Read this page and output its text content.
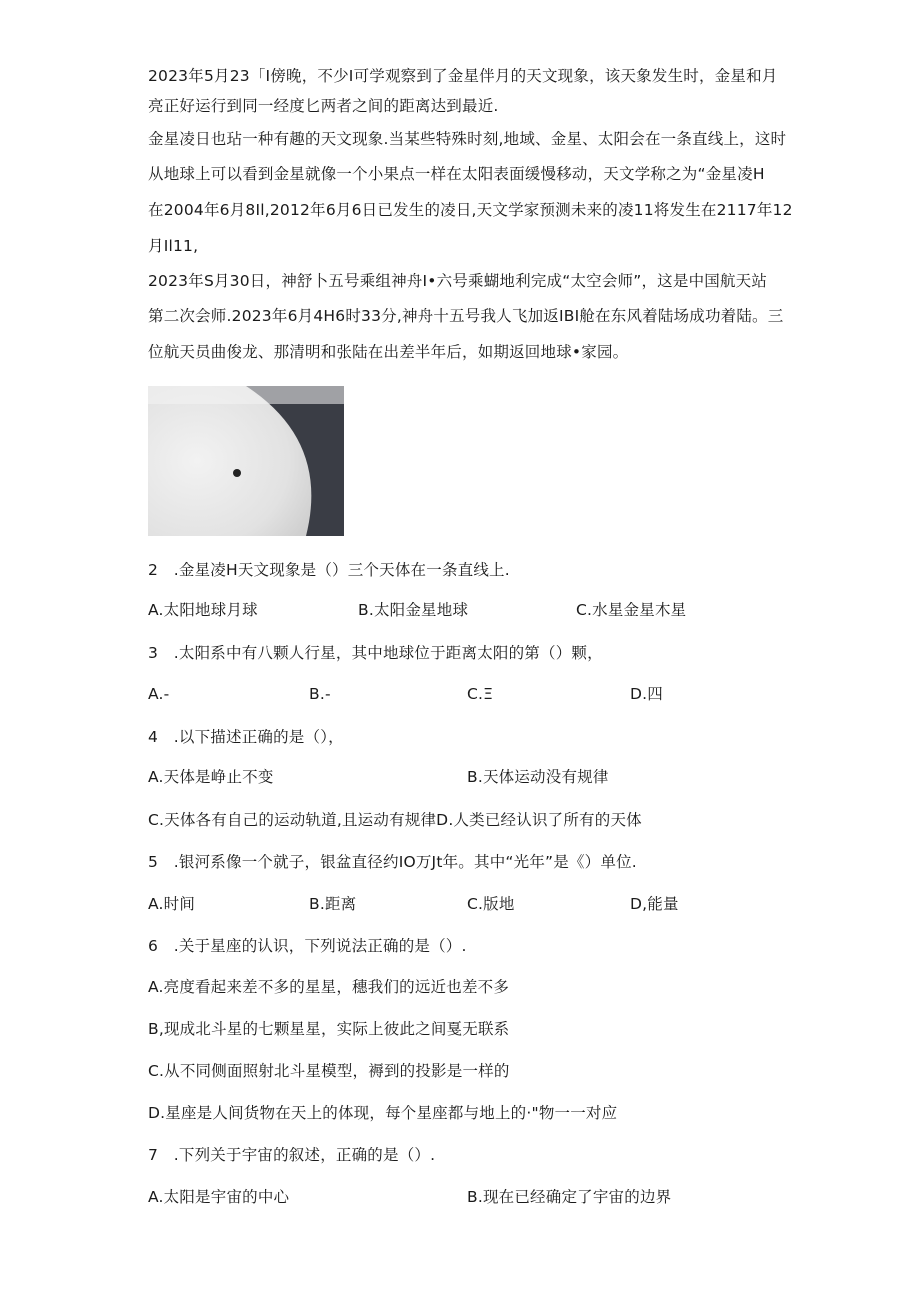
2023年5月23「I傍晚，不少I可学观察到了金星伴月的天文现象，该天象发生时，金星和月
亮正好运行到同一经度匕两者之间的距离达到最近.
金星凌日也玷一种有趣的天文现象.当某些特殊时刻,地域、金星、太阳会在一条直线上，这时
从地球上可以看到金星就像一个小果点一样在太阳表面缓慢移动，天文学称之为“金星凌H
在2004年6月8Il,2012年6月6日已发生的凌日,天文学家预测未来的凌11将发生在2117年12
月Il11,
2023年S月30日，神舒卜五号乘组神舟I•六号乘蝴地利完成“太空会师”，这是中国航天站
第二次会师.2023年6月4H6时33分,神舟十五号我人飞加返IBI舱在东风着陆场成功着陆。三
位航天员曲俊龙、那清明和张陆在出差半年后，如期返回地球•家园。
2　.金星凌H天文现象是（）三个天体在一条直线上.
A.太阳地球月球	B.太阳金星地球	C.水星金星木星
3　.太阳系中有八颗人行星，其中地球位于距离太阳的第（）颗，
A.-	B.-	C.Ξ	D.四
4　.以下描述正确的是（），
A.天体是峥止不变	B.天体运动没有规律
C.天体各有自己的运动轨道,且运动有规律D.人类已经认识了所有的天体
5　.银河系像一个就子，银盆直径约IO万Jt年。其中“光年”是《）单位.
A.时间	B.距离	C.版地	D,能量
6　.关于星座的认识，下列说法正确的是（）.
A.亮度看起来差不多的星星，穗我们的远近也差不多
B,现成北斗星的七颗星星，实际上彼此之间戛无联系
C.从不同侧面照射北斗星模型，褥到的投影是一样的
D.星座是人间货物在天上的体现，每个星座都与地上的·"物一一对应
7　.下列关于宇宙的叙述，正确的是（）.
A.太阳是宇宙的中心	B.现在已经确定了宇宙的边界
